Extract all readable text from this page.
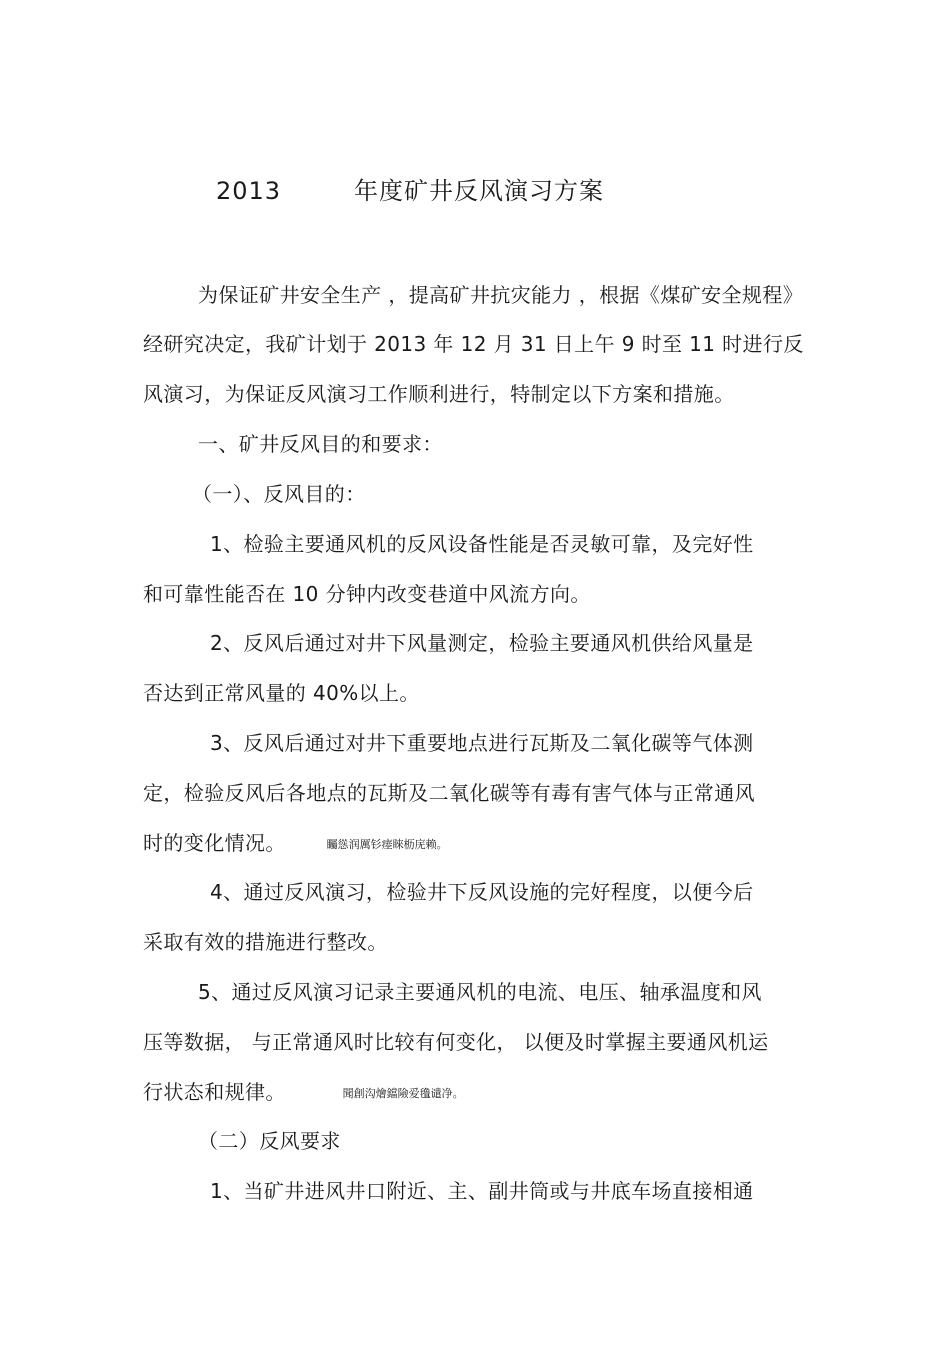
2013	年度矿井反风演习方案
为保证矿井安全生产 ，提高矿井抗灾能力 ，根据《煤矿安全规程》
经研究决定，我矿计划于 2013 年 12 月 31 日上午 9 时至 11 时进行反
风演习，为保证反风演习工作顺利进行，特制定以下方案和措施。
一、矿井反风目的和要求：
（一）、反风目的：
1、检验主要通风机的反风设备性能是否灵敏可靠，及完好性
和可靠性能否在 10 分钟内改变巷道中风流方向。
2、反风后通过对井下风量测定，检验主要通风机供给风量是
否达到正常风量的 40%以上。
3、反风后通过对井下重要地点进行瓦斯及二氧化碳等气体测
定，检验反风后各地点的瓦斯及二氧化碳等有毒有害气体与正常通风
时的变化情况。	矚慫润厲钐瘗睞枥庑赖。
4、通过反风演习，检验井下反风设施的完好程度，以便今后
采取有效的措施进行整改。
5、通过反风演习记录主要通风机的电流、电压、轴承温度和风
压等数据， 与正常通风时比较有何变化， 以便及时掌握主要通风机运
行状态和规律。	聞創沟燴鐺險爱氇谴净。
（二）反风要求
1、当矿井进风井口附近、主、副井筒或与井底车场直接相通
